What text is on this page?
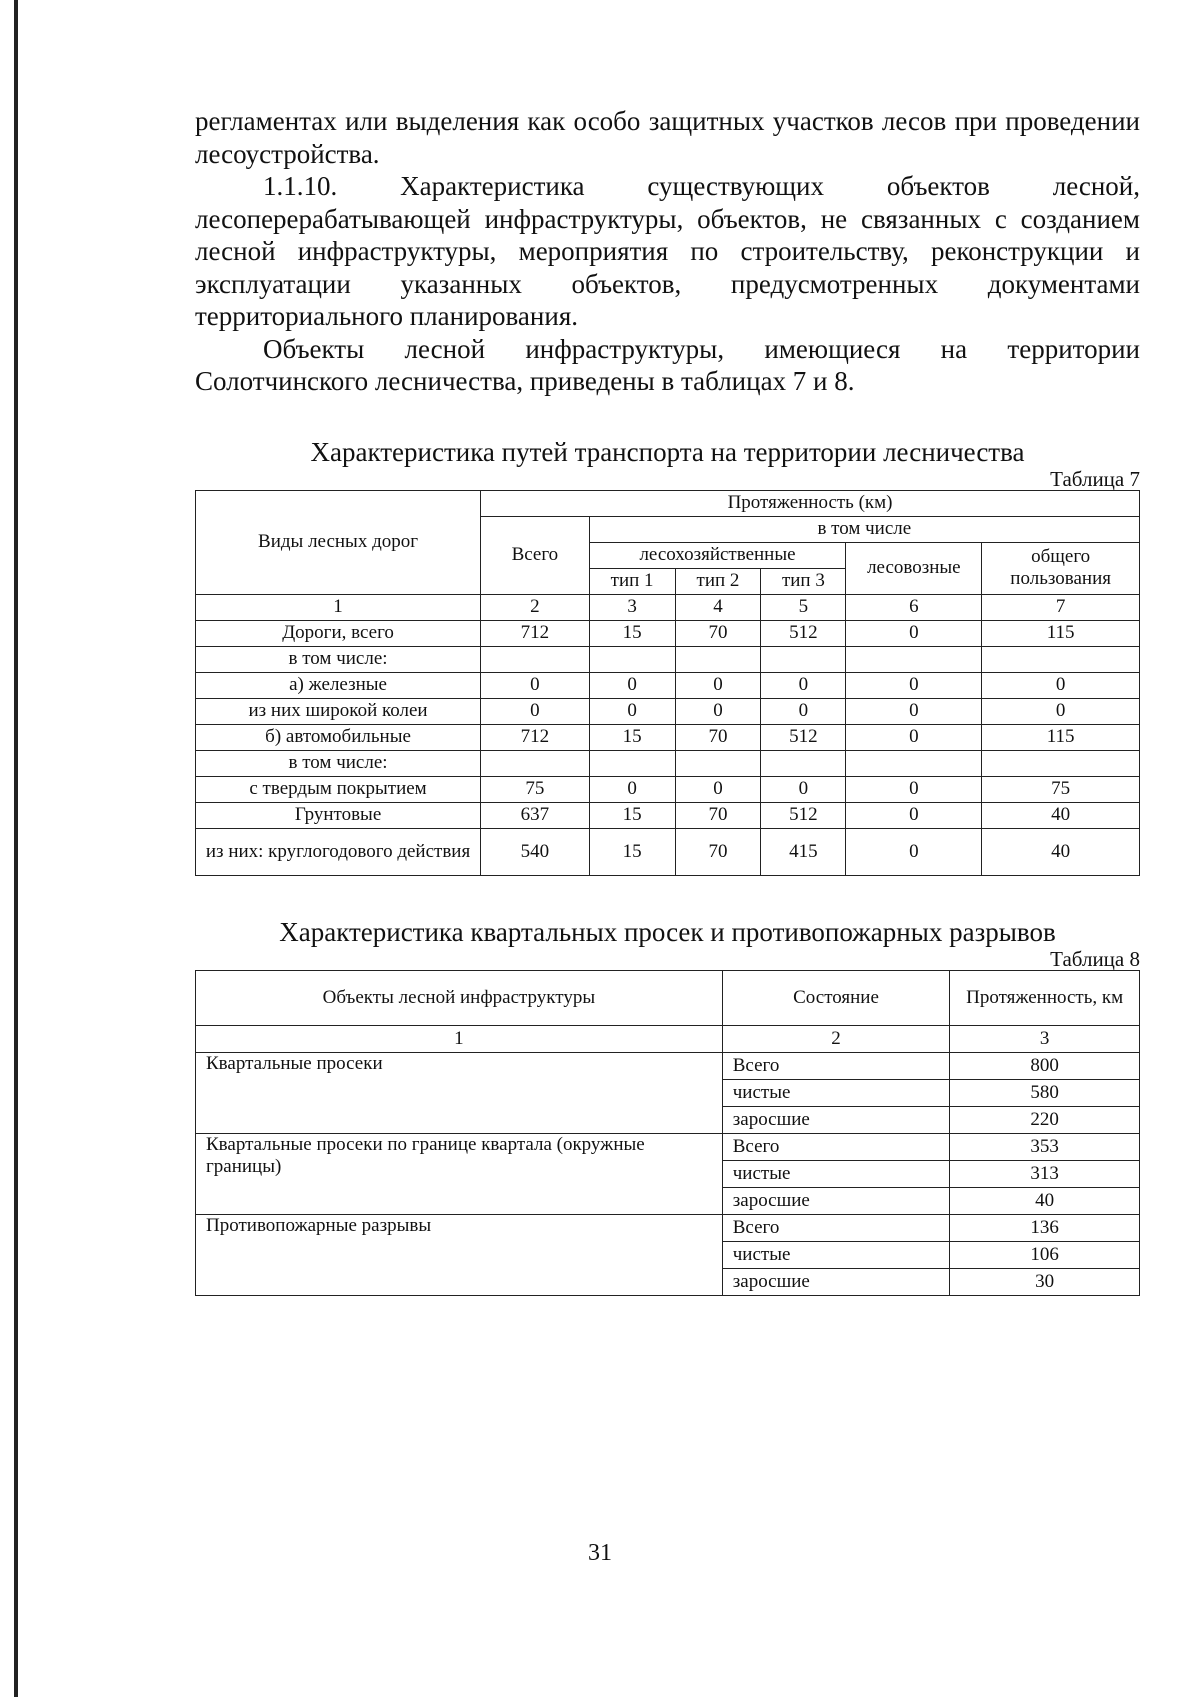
регламентах или выделения как особо защитных участков лесов при проведении лесоустройства.

1.1.10. Характеристика существующих объектов лесной, лесоперерабатывающей инфраструктуры, объектов, не связанных с созданием лесной инфраструктуры, мероприятия по строительству, реконструкции и эксплуатации указанных объектов, предусмотренных документами территориального планирования.

Объекты лесной инфраструктуры, имеющиеся на территории Солотчинского лесничества, приведены в таблицах 7 и 8.

Характеристика путей транспорта на территории лесничества

Таблица 7

Виды лесных дорог	Протяженность (км)					
	Всего	в том числе				
		лесохозяйственные			лесовозные	общего пользования
		тип 1	тип 2	тип 3		
1	2	3	4	5	6	7
Дороги, всего	712	15	70	512	0	115
в том числе:						
а) железные	0	0	0	0	0	0
из них широкой колеи	0	0	0	0	0	0
б) автомобильные	712	15	70	512	0	115
в том числе:						
с твердым покрытием	75	0	0	0	0	75
Грунтовые	637	15	70	512	0	40
из них: круглогодового действия	540	15	70	415	0	40

Характеристика квартальных просек и противопожарных разрывов

Таблица 8

Объекты лесной инфраструктуры	Состояние	Протяженность, км
1	2	3
Квартальные просеки	Всего	800
	чистые	580
	заросшие	220
Квартальные просеки по границе квартала (окружные границы)	Всего	353
	чистые	313
	заросшие	40
Противопожарные разрывы	Всего	136
	чистые	106
	заросшие	30
31
